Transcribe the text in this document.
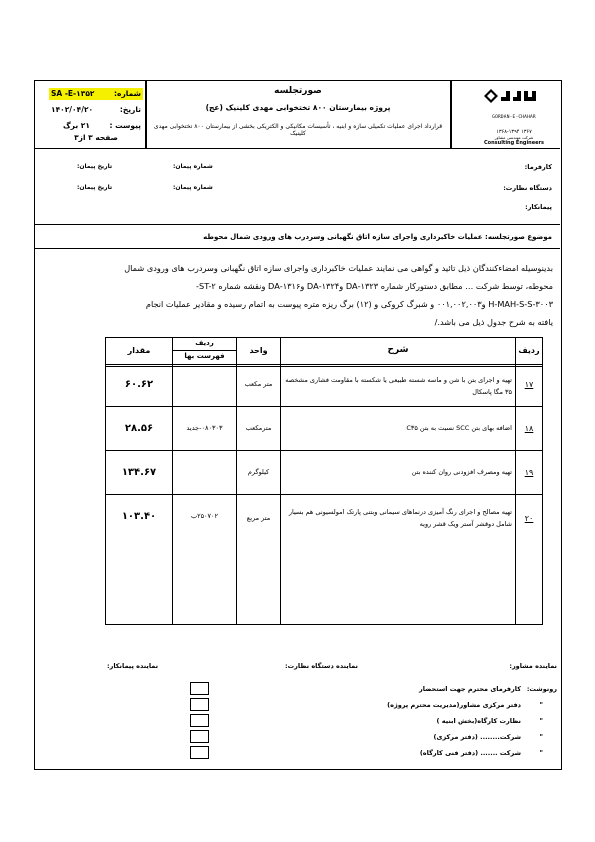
شماره:
SA -E-۱۳۵۲
تاریخ:
۱۴۰۲/۰۴/۲۰
پیوست :
۲۱ برگ
صفحه ۳ از۳
صورتجلسه
پروژه بیمارستان ۸۰۰ تختخوابی مهدی کلینیک (عج)
قرارداد اجرای عملیات تکمیلی سازه و ابنیه ، تأسیسات مکانیکی و الکتریکی بخشی از بیمارستان ۸۰۰ تختخوابی مهدی کلینیک
GORDAN-E-CHAHAR
۱۳۶۸-۱۳۹۴ ۱۳۶۷
شرکت مهندسی مشاور
Consulting Engineers
کارفرما:
دستگاه نظارت:
پیمانکار:
شماره پیمان:
تاریخ پیمان:
شماره پیمان:
تاریخ پیمان:
موضوع صورتجلسه: عملیات خاکبرداری واجرای سازه اتاق نگهبانی وسردرب های ورودی شمال محوطه
بدینوسیله امضاءکنندگان ذیل تائید و گواهی می نمایند عملیات خاکبرداری واجرای سازه اتاق نگهبانی وسردرب های ورودی شمال
محوطه، توسط شرکت … مطابق دستورکار شماره ۱۳۲۳-DA و۱۳۲۴-DA و۱۳۱۶-DA ونقشه شماره ST-۲-
H-MAH-S-S-۳۰۰۳ و۰۰۱,۰۰۲,۰۰۳ و شبرگ کروکی و (۱۲) برگ ریزه متره پیوست به اتمام رسیده و مقادیر عملیات انجام
یافته به شرح جدول ذیل می باشد./
ردیف
شرح
واحد
ردیف
فهرست بها
مقدار
۱۷
تهیه و اجرای بتن با شن و ماسه شسته طبیعی یا شکسته با مقاومت فشاری مشخصه ۳۵ مگا پاسکال
متر مکعب
۶۰.۶۲
۱۸
اضافه بهای بتن SCC نسبت به بتن C۳۵
مترمکعب
۰۸۰۳۰۳-جدید
۲۸.۵۶
۱۹
تهیه ومصرف افزودنی روان کننده بتن
کیلوگرم
۱۳۴.۶۷
۲۰
تهیه مصالح و اجرای رنگ آمیزی درنماهای سیمانی وبتنی پارتک امولسیونی هم بسیار شامل دوقشر آستر ویک قشر رویه
متر مربع
۲۵۰۷۰۲ب
۱۰۳.۴۰
نماینده مشاور:
نماینده دستگاه نظارت:
نماینده پیمانکار:
رونوشت:
کارفرمای محترم جهت استحضار
دفتر مرکزی مشاور(مدیریت محترم پروژه)
نظارت کارگاه(بخش ابنیه )
شرکت........ (دفتر مرکزی)
شرکت ....... (دفتر فنی کارگاه)
"
"
"
"
